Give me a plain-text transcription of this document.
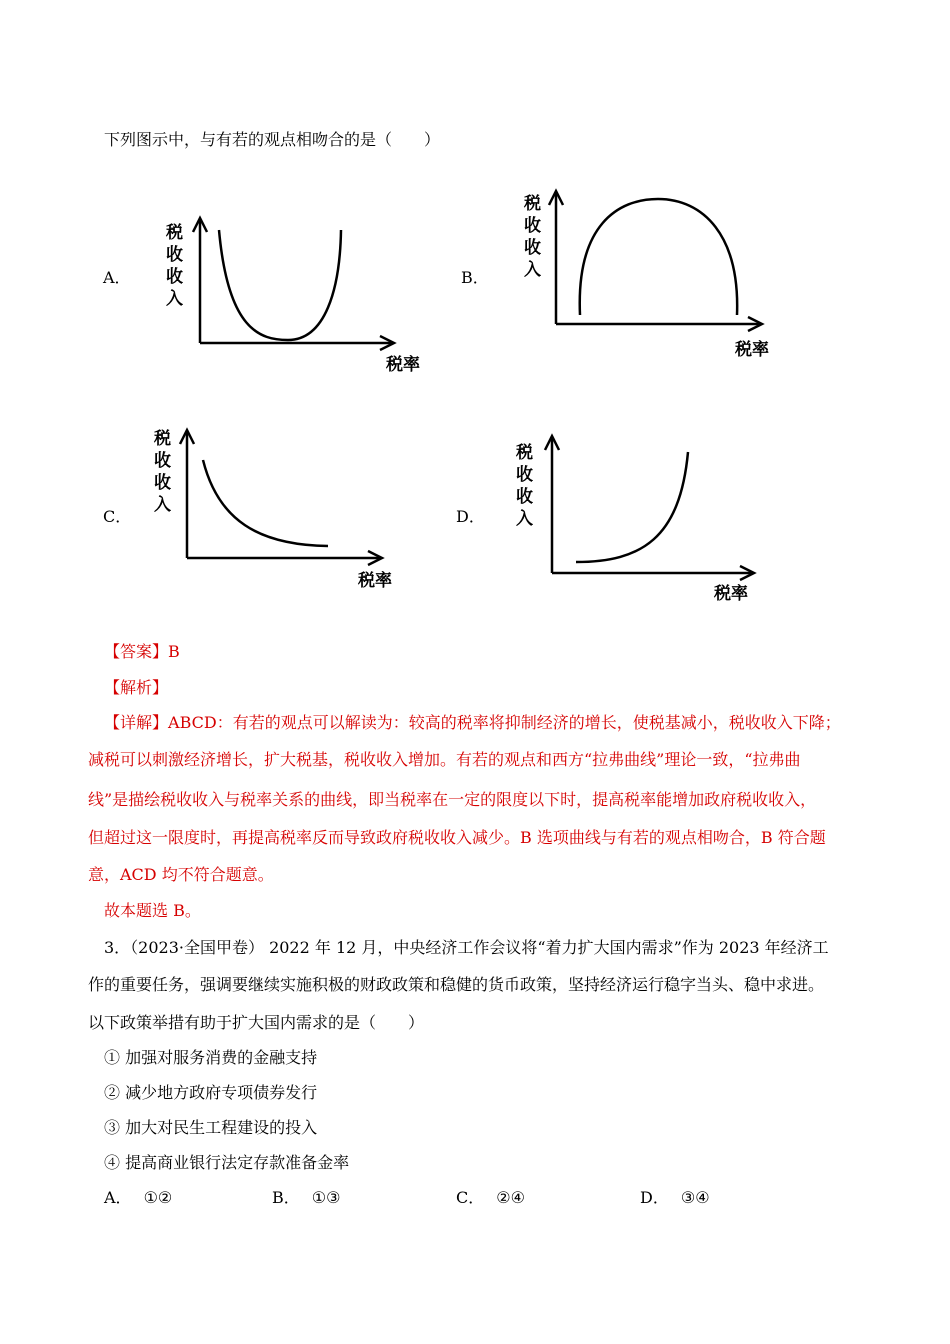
下列图示中，与有若的观点相吻合的是（　　）
A．
税
收
收
入
税率
B．
税
收
收
入
税率
C．
税
收
收
入
税率
D．
税
收
收
入
税率
【答案】B
【解析】
【详解】ABCD：有若的观点可以解读为：较高的税率将抑制经济的增长，使税基减小，税收收入下降；
减税可以刺激经济增长，扩大税基，税收收入增加。有若的观点和西方“拉弗曲线”理论一致，“拉弗曲
线”是描绘税收收入与税率关系的曲线，即当税率在一定的限度以下时，提高税率能增加政府税收收入，
但超过这一限度时，再提高税率反而导致政府税收收入减少。B 选项曲线与有若的观点相吻合，B 符合题
意，ACD 均不符合题意。
故本题选 B。
3．（2023·全国甲卷） 2022 年 12 月，中央经济工作会议将“着力扩大国内需求”作为 2023 年经济工
作的重要任务，强调要继续实施积极的财政政策和稳健的货币政策，坚持经济运行稳字当头、稳中求进。
以下政策举措有助于扩大国内需求的是（　　）
① 加强对服务消费的金融支持
② 减少地方政府专项债券发行
③ 加大对民生工程建设的投入
④ 提高商业银行法定存款准备金率
A． ①②	B． ①③	C． ②④	D． ③④
